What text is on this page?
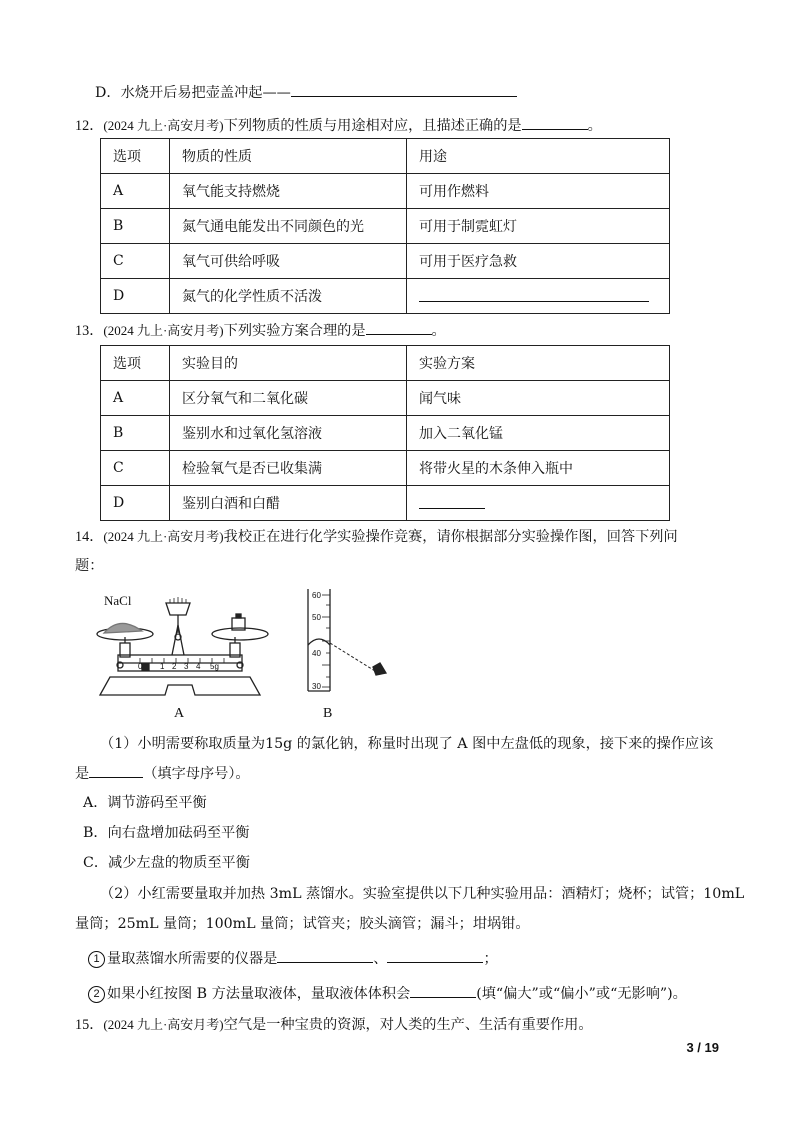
D．水烧开后易把壶盖冲起——
12．(2024 九上·高安月考)下列物质的性质与用途相对应，且描述正确的是	。
选项	物质的性质	用途
A	氧气能支持燃烧	可用作燃料
B	氮气通电能发出不同颜色的光	可用于制霓虹灯
C	氧气可供给呼吸	可用于医疗急救
D	氮气的化学性质不活泼	
13．(2024 九上·高安月考)下列实验方案合理的是	。
选项	实验目的	实验方案
A	区分氧气和二氧化碳	闻气味
B	鉴别水和过氧化氢溶液	加入二氧化锰
C	检验氧气是否已收集满	将带火星的木条伸入瓶中
D	鉴别白酒和白醋	
14．(2024 九上·高安月考)我校正在进行化学实验操作竞赛，请你根据部分实验操作图，回答下列问
题：
NaCl
0 1 2 3 4 5g
A
60
50
40
30
B
（1）小明需要称取质量为15g 的氯化钠，称量时出现了 A 图中左盘低的现象，接下来的操作应该
是	（填字母序号）。
A．调节游码至平衡
B．向右盘增加砝码至平衡
C．减少左盘的物质至平衡
（2）小红需要量取并加热 3mL 蒸馏水。实验室提供以下几种实验用品：酒精灯；烧杯；试管；10mL
量筒；25mL 量筒；100mL 量筒；试管夹；胶头滴管；漏斗；坩埚钳。
1 量取蒸馏水所需要的仪器是	、	；
2 如果小红按图 B 方法量取液体，量取液体体积会	(填“偏大”或“偏小”或“无影响”)。
15．(2024 九上·高安月考)空气是一种宝贵的资源，对人类的生产、生活有重要作用。
3 / 19
